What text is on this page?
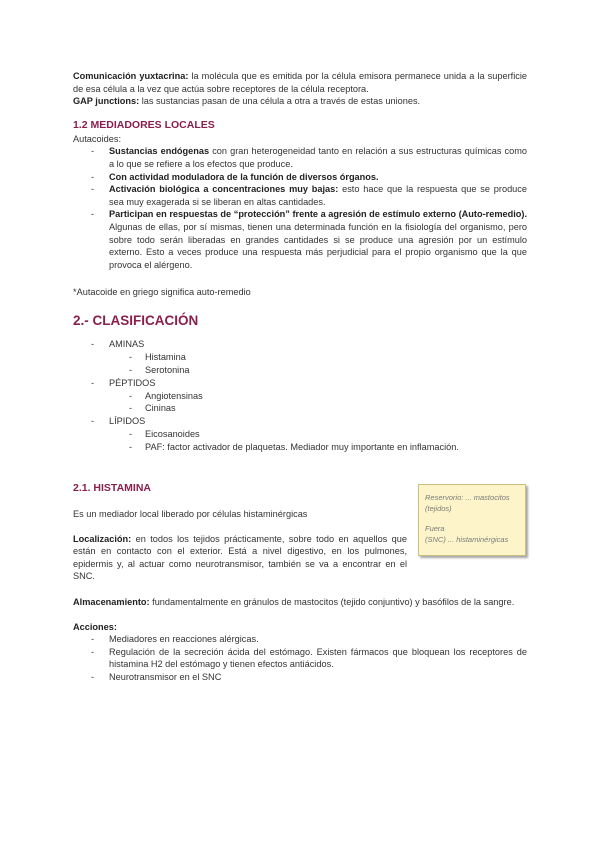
Comunicación yuxtacrina: la molécula que es emitida por la célula emisora permanece unida a la superficie de esa célula a la vez que actúa sobre receptores de la célula receptora.

GAP junctions: las sustancias pasan de una célula a otra a través de estas uniones.

1.2 MEDIADORES LOCALES

Autacoides:

- Sustancias endógenas con gran heterogeneidad tanto en relación a sus estructuras químicas como a lo que se refiere a los efectos que produce.
- Con actividad moduladora de la función de diversos órganos.
- Activación biológica a concentraciones muy bajas: esto hace que la respuesta que se produce sea muy exagerada si se liberan en altas cantidades.
- Participan en respuestas de “protección” frente a agresión de estímulo externo (Auto-remedio). Algunas de ellas, por sí mismas, tienen una determinada función en la fisiología del organismo, pero sobre todo serán liberadas en grandes cantidades si se produce una agresión por un estímulo externo. Esto a veces produce una respuesta más perjudicial para el propio organismo que la que provoca el alérgeno.

*Autacoide en griego significa auto-remedio

2.- CLASIFICACIÓN
- AMINAS
- Histamina
- Serotonina
- PÉPTIDOS
- Angiotensinas
- Cininas
- LÍPIDOS
- Eicosanoides
- PAF: factor activador de plaquetas. Mediador muy importante en inflamación.
2.1. HISTAMINA

Es un mediador local liberado por células histaminérgicas

Localización: en todos los tejidos prácticamente, sobre todo en aquellos que están en contacto con el exterior. Está a nivel digestivo, en los pulmones, epidermis y, al actuar como neurotransmisor, también se va a encontrar en el SNC.

Almacenamiento: fundamentalmente en gránulos de mastocitos (tejido conjuntivo) y basófilos de la sangre.

Acciones:

- Mediadores en reacciones alérgicas.
- Regulación de la secreción ácida del estómago. Existen fármacos que bloquean los receptores de histamina H2 del estómago y tienen efectos antiácidos.
- Neurotransmisor en el SNC
Reservorio: ... mastocitos
(tejidos)
Fuera
(SNC) ... histaminérgicas
